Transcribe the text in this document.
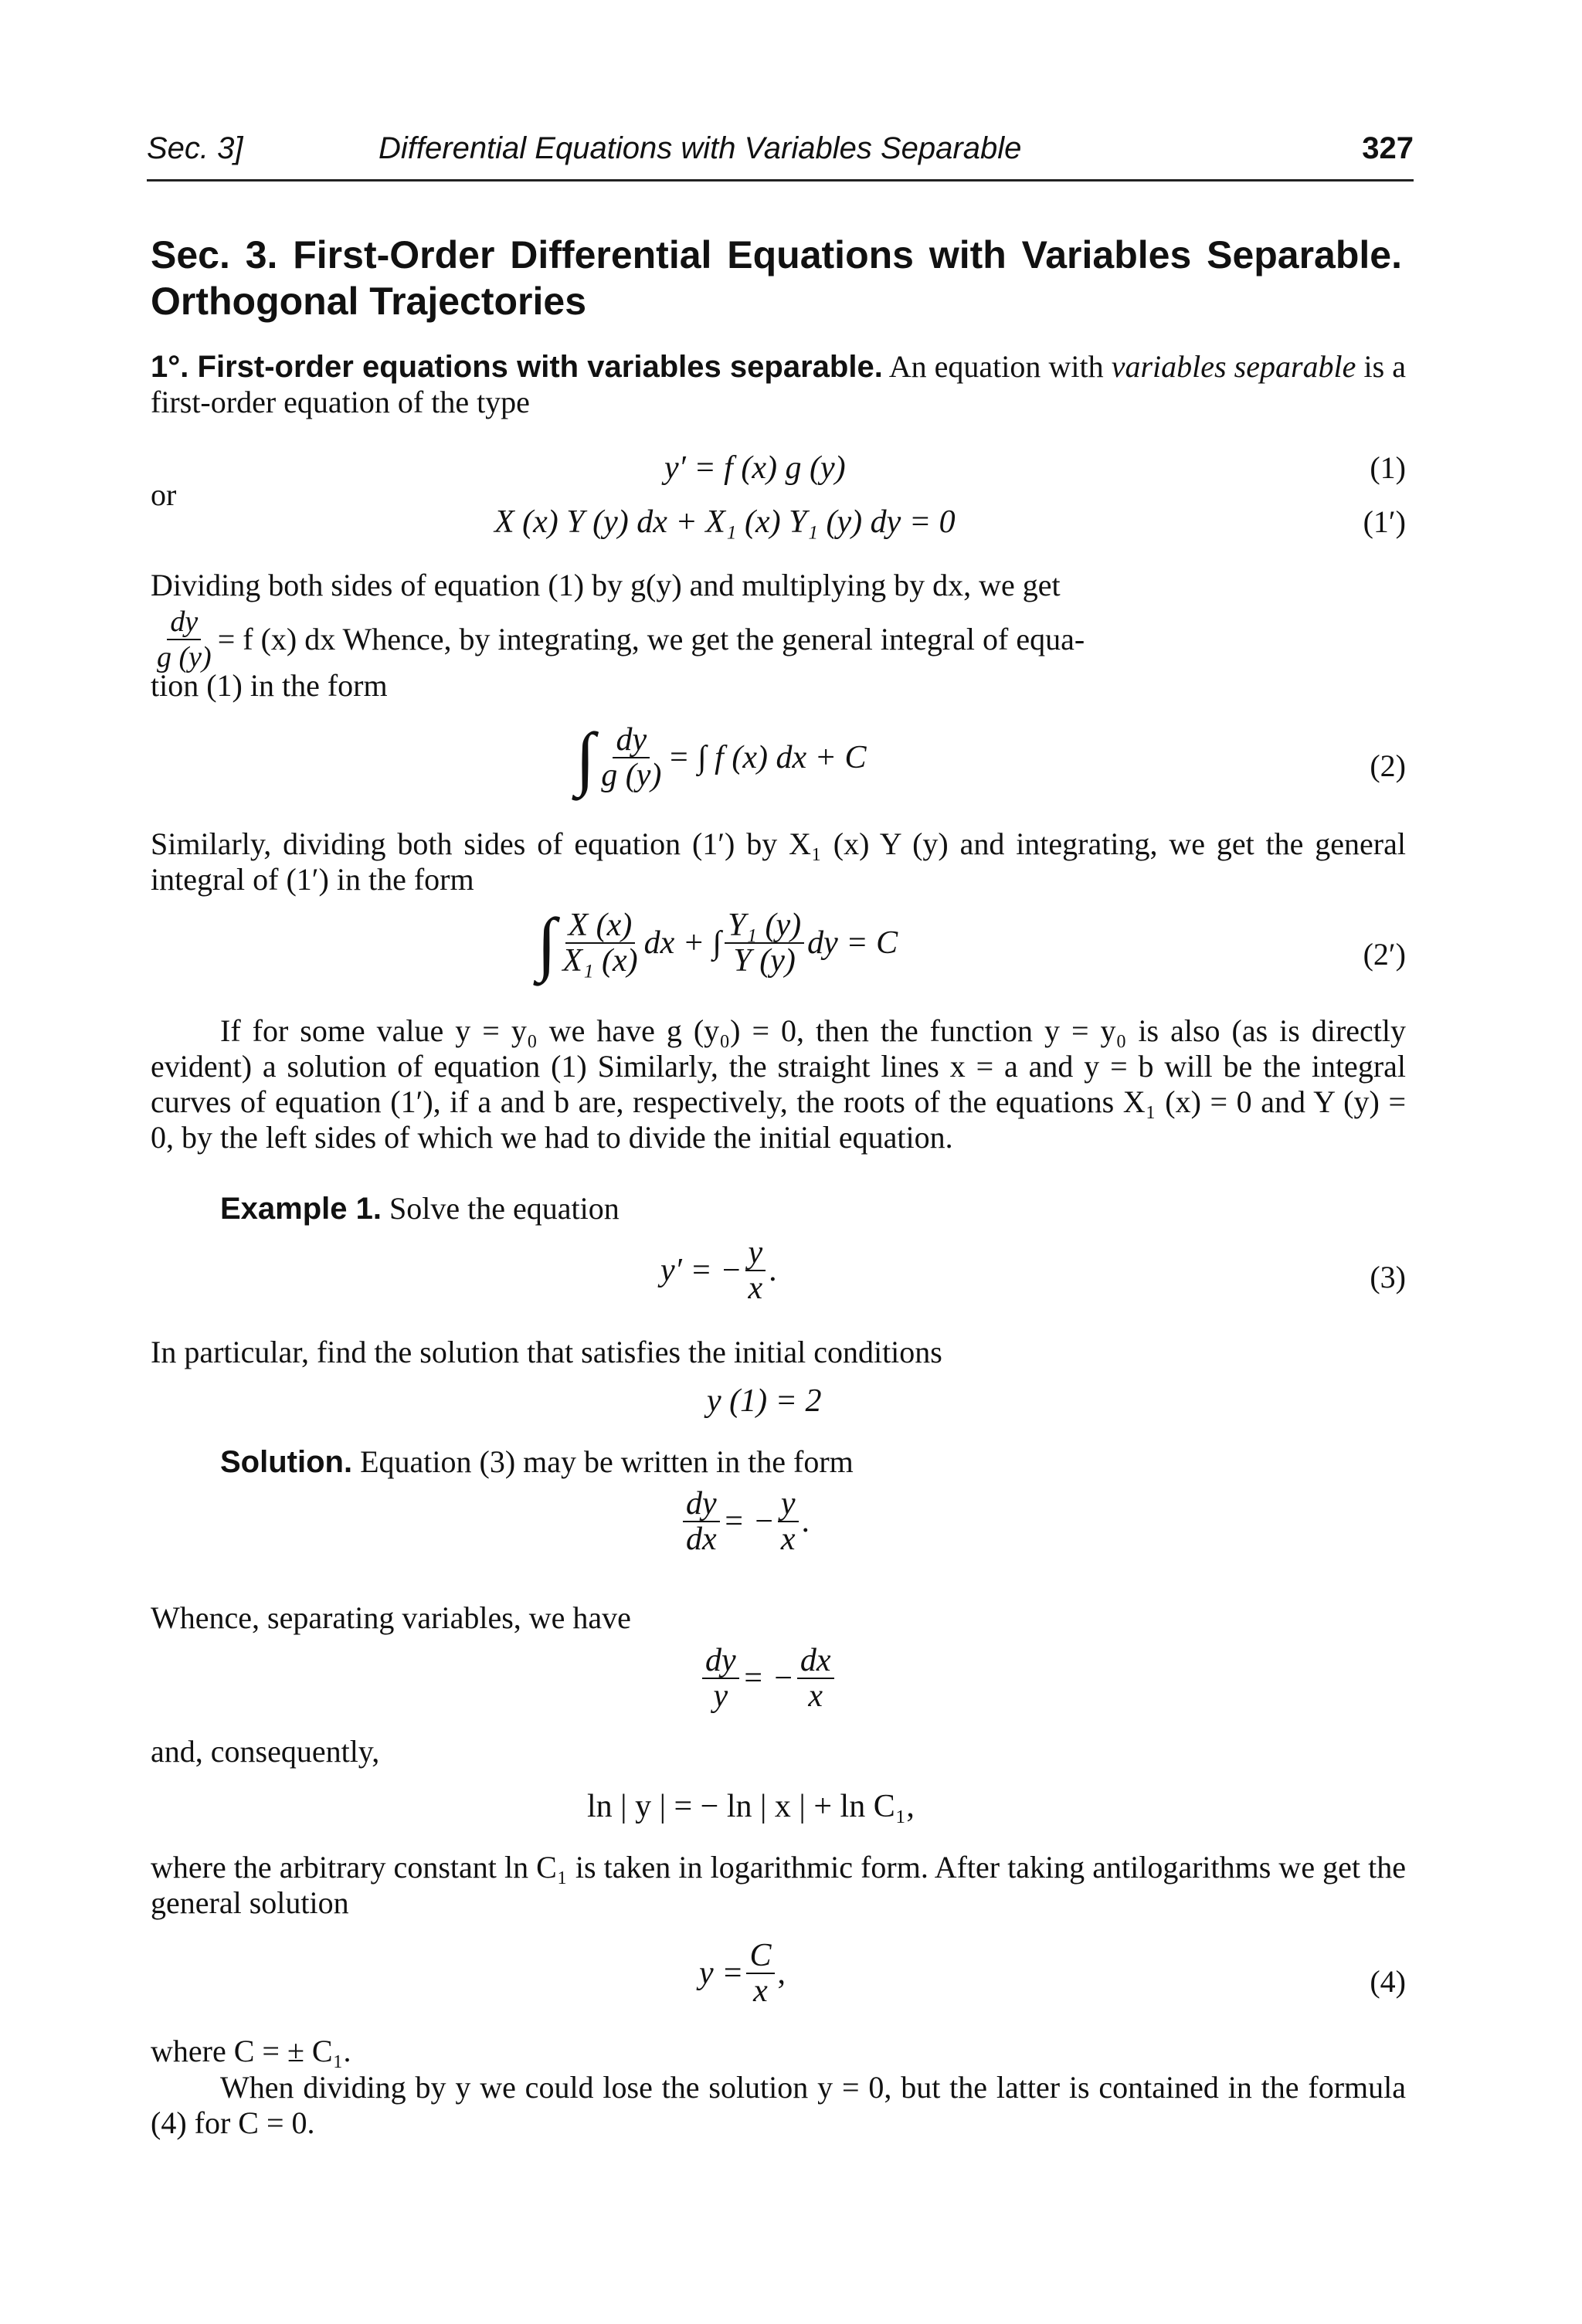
Sec. 3]	Differential Equations with Variables Separable	327
Sec. 3. First-Order Differential Equations with Variables Separable.
Orthogonal Trajectories
1°. First-order equations with variables separable. An equation with variables separable is a first-order equation of the type
y′ = f (x) g (y)	(1)
or
X (x) Y (y) dx + X₁ (x) Y₁ (y) dy = 0	(1′)
Dividing both sides of equation (1) by g(y) and multiplying by dx, we get
$\frac{dy}{g (y)} = f$ (x) dx Whence, by integrating, we get the general integral of equa-
tion (1) in the form
∫ $\frac{dy}{g (y)}$ = ∫ f (x) dx + C	(2)
Similarly, dividing both sides of equation (1′) by X₁ (x) Y (y) and integrating, we get the general integral of (1′) in the form
∫ $\frac{X (x)}{\text{X₁ (x)}}$ dx + ∫ $\frac{\text{Y₁ (y)}}{Y (y)}$ dy = C	(2′)
If for some value y = y₀ we have g (y₀) = 0, then the function y = y₀ is also (as is directly evident) a solution of equation (1) Similarly, the straight lines x = a and y = b will be the integral curves of equation (1′), if a and b are, respectively, the roots of the equations X₁ (x) = 0 and Y (y) = 0, by the left sides of which we had to divide the initial equation.
Example 1. Solve the equation
y′ = − $\frac{y}{x}$ .	(3)
In particular, find the solution that satisfies the initial conditions
y (1) = 2
Solution. Equation (3) may be written in the form
$\frac{dy}{dx}$ = − $\frac{y}{x}$ .
Whence, separating variables, we have
$\frac{dy}{y}$ = − $\frac{dx}{x}$
and, consequently,
ln | y | = − ln | x | + ln C₁,
where the arbitrary constant ln C₁ is taken in logarithmic form. After taking antilogarithms we get the general solution
$y = \frac{C}{x}$ ,	(4)
where C = ± C₁.
When dividing by y we could lose the solution y = 0, but the latter is contained in the formula (4) for C = 0.
